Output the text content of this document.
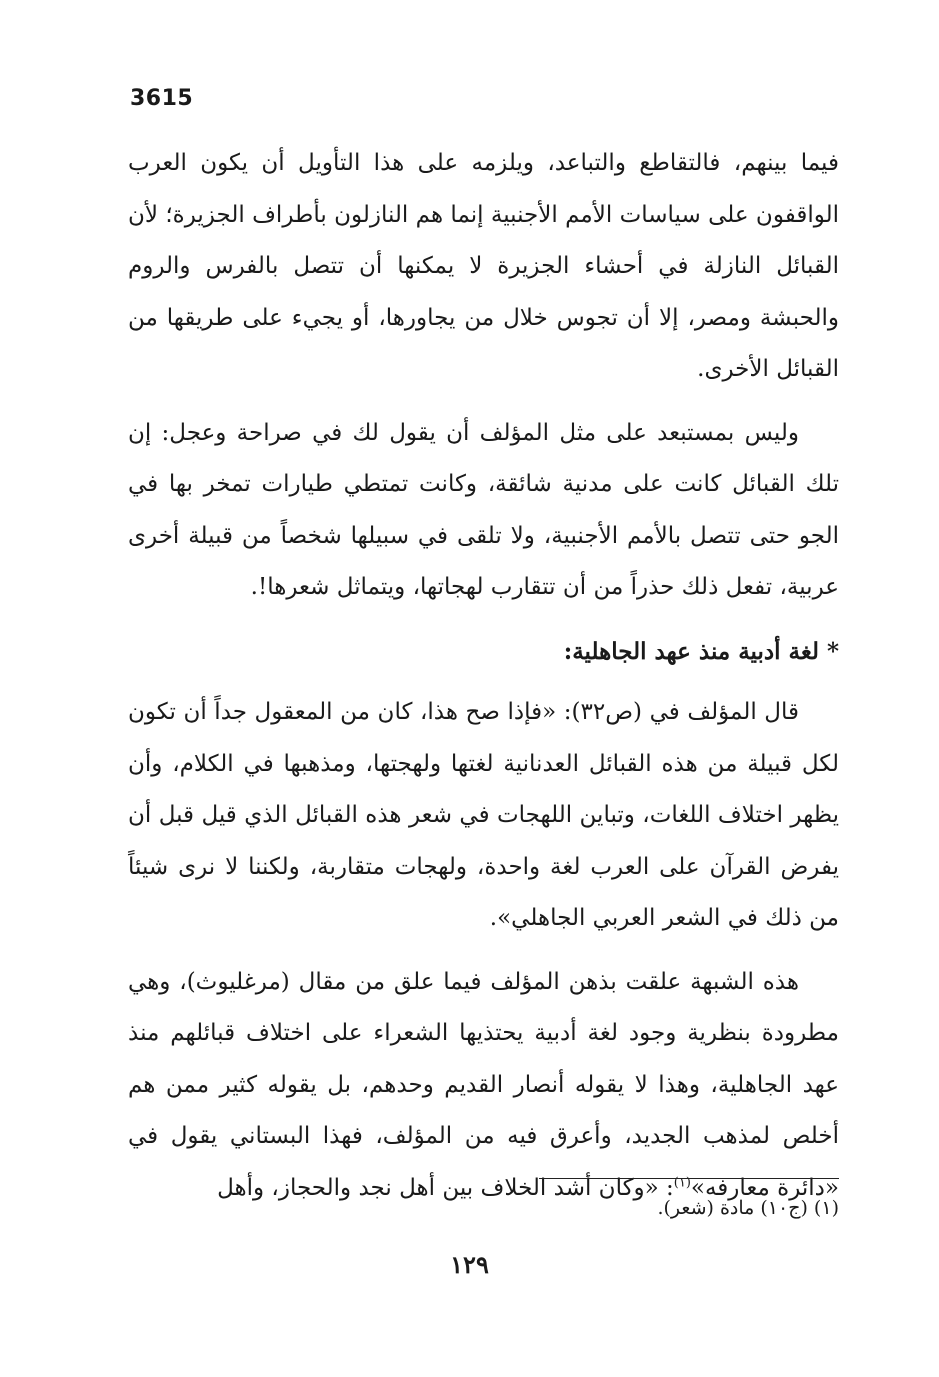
3615

فيما بينهم، فالتقاطع والتباعد، ويلزمه على هذا التأويل أن يكون العرب الواقفون على سياسات الأمم الأجنبية إنما هم النازلون بأطراف الجزيرة؛ لأن القبائل النازلة في أحشاء الجزيرة لا يمكنها أن تتصل بالفرس والروم والحبشة ومصر، إلا أن تجوس خلال من يجاورها، أو يجيء على طريقها من القبائل الأخرى.

وليس بمستبعد على مثل المؤلف أن يقول لك في صراحة وعجل: إن تلك القبائل كانت على مدنية شائقة، وكانت تمتطي طيارات تمخر بها في الجو حتى تتصل بالأمم الأجنبية، ولا تلقى في سبيلها شخصاً من قبيلة أخرى عربية، تفعل ذلك حذراً من أن تتقارب لهجاتها، ويتماثل شعرها!.

* لغة أدبية منذ عهد الجاهلية:

قال المؤلف في (ص٣٢): «فإذا صح هذا، كان من المعقول جداً أن تكون لكل قبيلة من هذه القبائل العدنانية لغتها ولهجتها، ومذهبها في الكلام، وأن يظهر اختلاف اللغات، وتباين اللهجات في شعر هذه القبائل الذي قيل قبل أن يفرض القرآن على العرب لغة واحدة، ولهجات متقاربة، ولكننا لا نرى شيئاً من ذلك في الشعر العربي الجاهلي».

هذه الشبهة علقت بذهن المؤلف فيما علق من مقال (مرغليوث)، وهي مطرودة بنظرية وجود لغة أدبية يحتذيها الشعراء على اختلاف قبائلهم منذ عهد الجاهلية، وهذا لا يقوله أنصار القديم وحدهم، بل يقوله كثير ممن هم أخلص لمذهب الجديد، وأعرق فيه من المؤلف، فهذا البستاني يقول في «دائرة معارفه»$^{(١)}$: «وكان أشد الخلاف بين أهل نجد والحجاز، وأهل

(١) (ج١٠) مادة (شعر).
١٢٩
